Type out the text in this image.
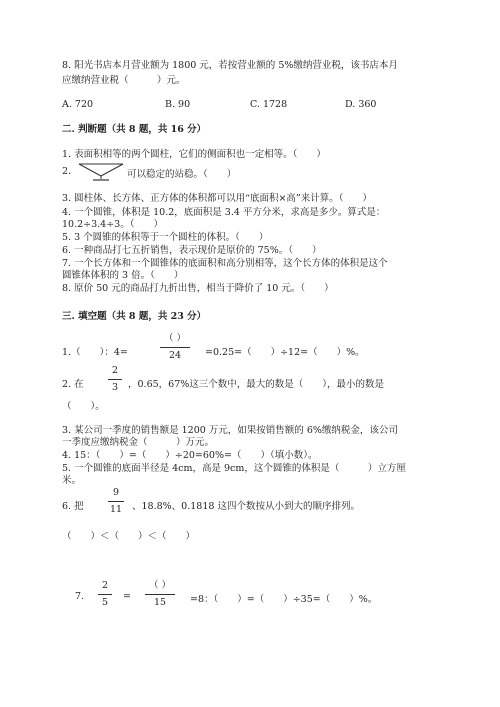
8. 阳光书店本月营业额为 1800 元，若按营业额的 5%缴纳营业税，该书店本月
应缴纳营业税（　　　）元。
A. 720	B. 90	C. 1728	D. 360
二. 判断题（共 8 题，共 16 分）
1. 表面积相等的两个圆柱，它们的侧面积也一定相等。（　　）
2.	可以稳定的站稳。（　　）
3. 圆柱体、长方体、正方体的体积都可以用“底面积×高”来计算。（　　）
4. 一个圆锥，体积是 10.2，底面积是 3.4 平方分米，求高是多少。算式是：
10.2÷3.4÷3。（　　）
5. 3 个圆锥的体积等于一个圆柱的体积。（　　）
6. 一种商品打七五折销售，表示现价是原价的 75%。（　　）
7. 一个长方体和一个圆锥体的底面积和高分别相等，这个长方体的体积是这个
圆锥体体积的 3 倍。（　　）
8. 原价 50 元的商品打九折出售，相当于降价了 10 元。（　　）
三. 填空题（共 8 题，共 23 分）
1.（　　）：4=
（ ）
24	=0.25=（　　）÷12=（　　）%。
2. 在
2
3	，0.65，67%这三个数中，最大的数是（　　），最小的数是
（　　）。
3. 某公司一季度的销售额是 1200 万元，如果按销售额的 6%缴纳税金，该公司
一季度应缴纳税金（　　　）万元。
4. 15：（　　）=（　　）÷20=60%=（　　）（填小数）。
5. 一个圆锥的底面半径是 4cm，高是 9cm，这个圆锥的体积是（　　　）立方厘
米。
6. 把
9
11 、18.8%、0.1818 这四个数按从小到大的顺序排列。
（　　）＜（　　）＜（　　）
7.
2
5
=
（ ）
15	=8：（　　）=（　　）÷35=（　　）%。
